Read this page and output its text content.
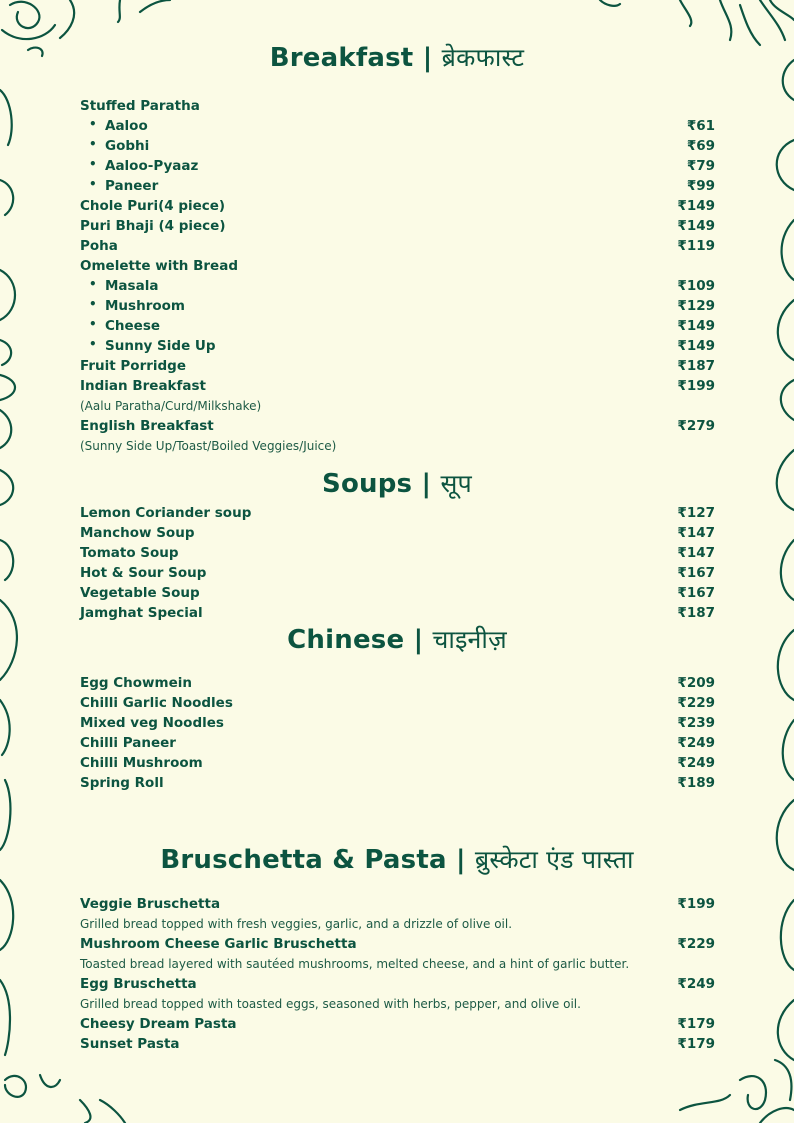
Breakfast | ब्रेकफास्ट
Stuffed Paratha
• Aaloo	₹61
• Gobhi	₹69
• Aaloo-Pyaaz	₹79
• Paneer	₹99
Chole Puri(4 piece)	₹149
Puri Bhaji (4 piece)	₹149
Poha	₹119
Omelette with Bread
• Masala	₹109
• Mushroom	₹129
• Cheese	₹149
• Sunny Side Up	₹149
Fruit Porridge	₹187
Indian Breakfast	₹199
(Aalu Paratha/Curd/Milkshake)
English Breakfast	₹279
(Sunny Side Up/Toast/Boiled Veggies/Juice)
Soups | सूप
Lemon Coriander soup	₹127
Manchow Soup	₹147
Tomato Soup	₹147
Hot & Sour Soup	₹167
Vegetable Soup	₹167
Jamghat Special	₹187
Chinese | चाइनीज़
Egg Chowmein	₹209
Chilli Garlic Noodles	₹229
Mixed veg Noodles	₹239
Chilli Paneer	₹249
Chilli Mushroom	₹249
Spring Roll	₹189
Bruschetta & Pasta | ब्रुस्केटा एंड पास्ता
Veggie Bruschetta	₹199
Grilled bread topped with fresh veggies, garlic, and a drizzle of olive oil.
Mushroom Cheese Garlic Bruschetta	₹229
Toasted bread layered with sautéed mushrooms, melted cheese, and a hint of garlic butter.
Egg Bruschetta	₹249
Grilled bread topped with toasted eggs, seasoned with herbs, pepper, and olive oil.
Cheesy Dream Pasta	₹179
Sunset Pasta	₹179
